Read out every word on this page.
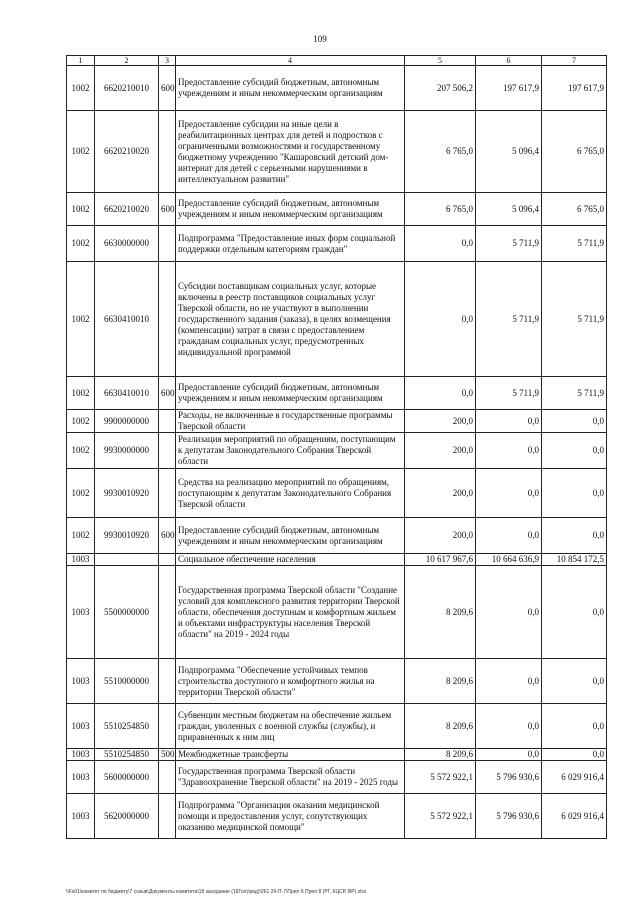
109
1	2	3	4	5	6	7
1002	6620210010	600	Предоставление субсидий бюджетным, автономным учреждениям и иным некоммерческим организациям	207 506,2	197 617,9	197 617,9
1002	6620210020		Предоставление субсидии на иные цели в реабилитационных центрах для детей и подростков с ограниченными возможностями и государственному бюджетному учреждению "Кашаровский детский дом-интернат для детей с серьезными нарушениями в интеллектуальном развитии"	6 765,0	5 096,4	6 765,0
1002	6620210020	600	Предоставление субсидий бюджетным, автономным учреждениям и иным некоммерческим организациям	6 765,0	5 096,4	6 765,0
1002	6630000000		Подпрограмма "Предоставление иных форм социальной поддержки отдельным категориям граждан"	0,0	5 711,9	5 711,9
1002	6630410010		Субсидии поставщикам социальных услуг, которые включены в реестр поставщиков социальных услуг Тверской области, но не участвуют в выполнении государственного задания (заказа), в целях возмещения (компенсации) затрат в связи с предоставлением гражданам социальных услуг, предусмотренных индивидуальной программой	0,0	5 711,9	5 711,9
1002	6630410010	600	Предоставление субсидий бюджетным, автономным учреждениям и иным некоммерческим организациям	0,0	5 711,9	5 711,9
1002	9900000000		Расходы, не включенные в государственные программы Тверской области	200,0	0,0	0,0
1002	9930000000		Реализация мероприятий по обращениям, поступающим к депутатам Законодательного Собрания Тверской области	200,0	0,0	0,0
1002	9930010920		Средства на реализацию мероприятий по обращениям, поступающим к депутатам Законодательного Собрания Тверской области	200,0	0,0	0,0
1002	9930010920	600	Предоставление субсидий бюджетным, автономным учреждениям и иным некоммерческим организациям	200,0	0,0	0,0
1003			Социальное обеспечение населения	10 617 967,6	10 664 636,9	10 854 172,5
1003	5500000000		Государственная программа Тверской области "Создание условий для комплексного развития территории Тверской области, обеспечения доступным и комфортным жильем и объектами инфраструктуры населения Тверской области" на 2019 - 2024 годы	8 209,6	0,0	0,0
1003	5510000000		Подпрограмма "Обеспечение устойчивых темпов строительства доступного и комфортного жилья на территории Тверской области"	8 209,6	0,0	0,0
1003	5510254850		Субвенции местным бюджетам на обеспечение жильем граждан, уволенных с военной службы (службы), и приравненных к ним лиц	8 209,6	0,0	0,0
1003	5510254850	500	Межбюджетные трансферты	8 209,6	0,0	0,0
1003	5600000000		Государственная программа Тверской области "Здравоохранение Тверской области" на 2019 - 2025 годы	5 572 922,1	5 796 930,6	6 029 916,4
1003	5620000000		Подпрограмма "Организация оказания медицинской помощи и предоставления услуг, сопутствующих оказанию медицинской помощи"	5 572 922,1	5 796 930,6	6 029 916,4
\\Fs01\комитет по бюджету\7 созыв\Документы комитета\18 заседание (16Гол)\ред)\261 2б-П-7\Прил 6 Прил 8 (РГ, КЦСР, ВР).xlsx
